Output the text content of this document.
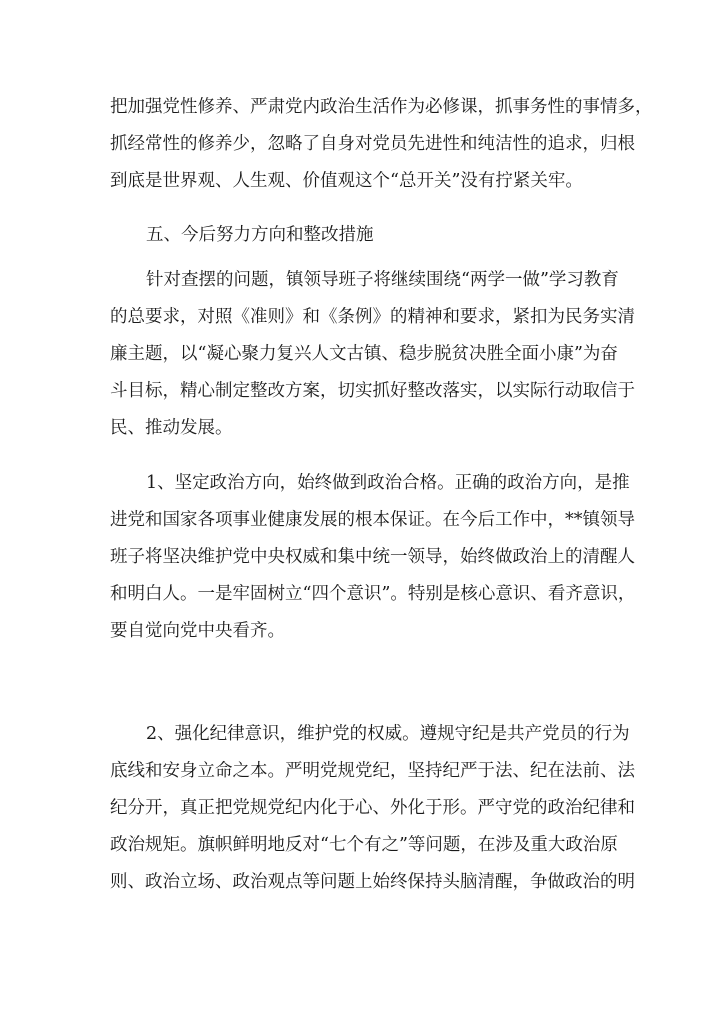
把加强党性修养、严肃党内政治生活作为必修课，抓事务性的事情多，
抓经常性的修养少，忽略了自身对党员先进性和纯洁性的追求，归根
到底是世界观、人生观、价值观这个“总开关”没有拧紧关牢。
五、今后努力方向和整改措施
针对查摆的问题，镇领导班子将继续围绕“两学一做”学习教育
的总要求，对照《准则》和《条例》的精神和要求，紧扣为民务实清
廉主题，以“凝心聚力复兴人文古镇、稳步脱贫决胜全面小康”为奋
斗目标，精心制定整改方案，切实抓好整改落实，以实际行动取信于
民、推动发展。
1、坚定政治方向，始终做到政治合格。正确的政治方向，是推
进党和国家各项事业健康发展的根本保证。在今后工作中，**镇领导
班子将坚决维护党中央权威和集中统一领导，始终做政治上的清醒人
和明白人。一是牢固树立“四个意识”。特别是核心意识、看齐意识，
要自觉向党中央看齐。
2、强化纪律意识，维护党的权威。遵规守纪是共产党员的行为
底线和安身立命之本。严明党规党纪，坚持纪严于法、纪在法前、法
纪分开，真正把党规党纪内化于心、外化于形。严守党的政治纪律和
政治规矩。旗帜鲜明地反对“七个有之”等问题，在涉及重大政治原
则、政治立场、政治观点等问题上始终保持头脑清醒，争做政治的明
